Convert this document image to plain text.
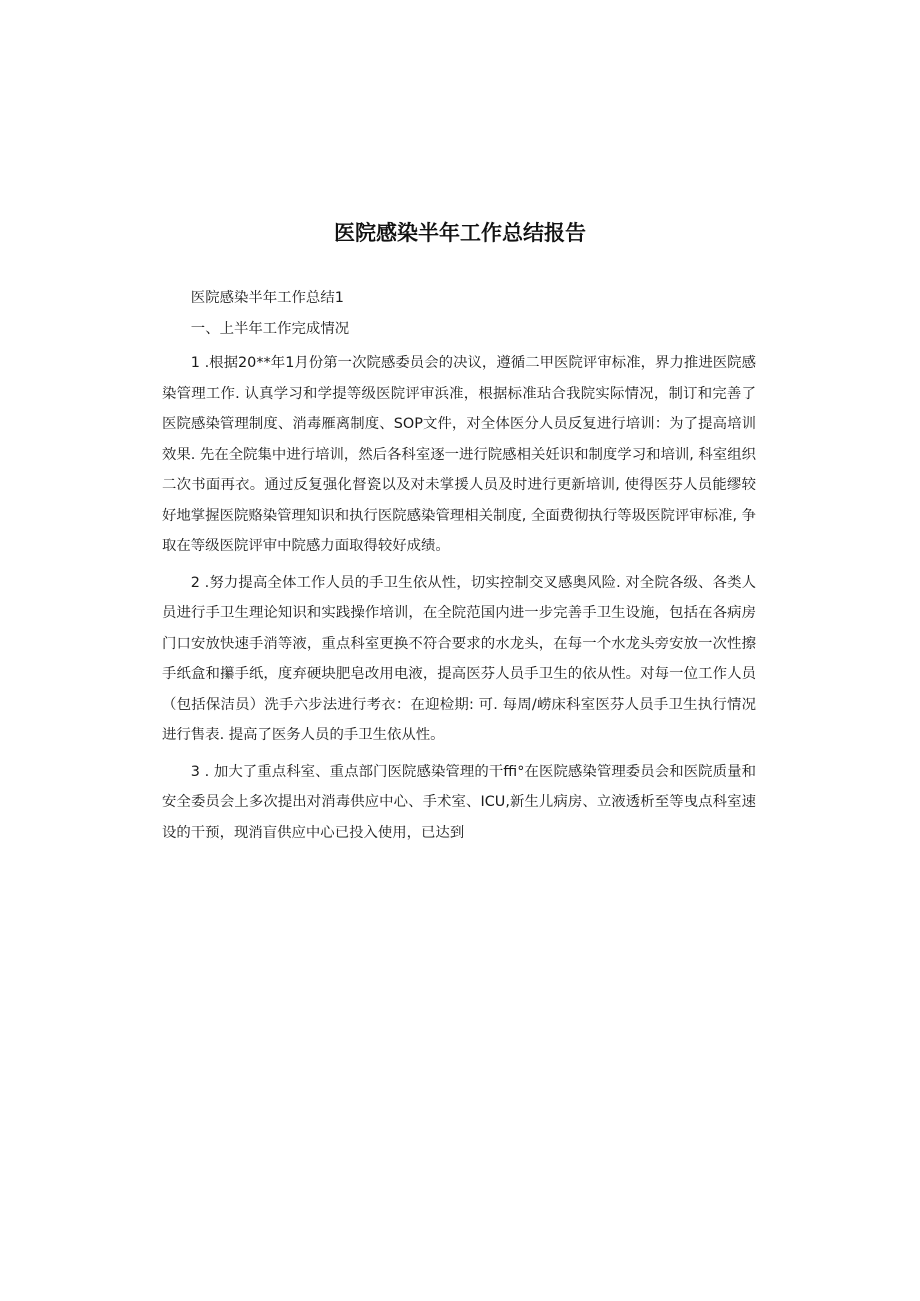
医院感染半年工作总结报告

医院感染半年工作总结1

一、上半年工作完成情况

1 .根据20**年1月份第一次院感委员会的决议，遵循二甲医院评审标准，界力推进医院感染管理工作. 认真学习和学提等级医院评审浜准，根据标准玷合我院实际情况，制订和完善了医院感染管理制度、消毒雁离制度、SOP文件，对全体医分人员反复进行培训：为了提高培训效果. 先在全院集中进行培训，然后各科室逐一进行院感相关妊识和制度学习和培训, 科室组织二次书面再衣。通过反复强化督瓷以及对未掌援人员及时进行更新培训, 使得医芬人员能缪较好地掌握医院赂染管理知识和执行医院感染管理相关制度, 全面费彻执行等圾医院评审标准, 争取在等级医院评审中院感力面取得较好成绩。

2 .努力提高全体工作人员的手卫生依从性，切实控制交叉感奥风险. 对全院各级、各类人员进行手卫生理论知识和实践操作培训，在全院范国内进一步完善手卫生设施，包括在各病房门口安放快速手消等液，重点科室更换不符合要求的水龙头，在每一个水龙头旁安放一次性擦手纸盒和攥手纸，度弃硬块肥皂改用电液，提高医芬人员手卫生的依从性。对每一位工作人员（包括保洁员）洗手六步法进行考衣：在迎检期: 可. 每周/崂床科室医芬人员手卫生执行情况进行售表. 提高了医务人员的手卫生依从性。

3 . 加大了重点科室、重点部门医院感染管理的干ffi°在医院感染管理委员会和医院质量和安全委员会上多次提出对消毒供应中心、手术室、ICU,新生儿病房、立液透析至等曳点科室速设的干预，现消盲供应中心已投入使用，已达到
